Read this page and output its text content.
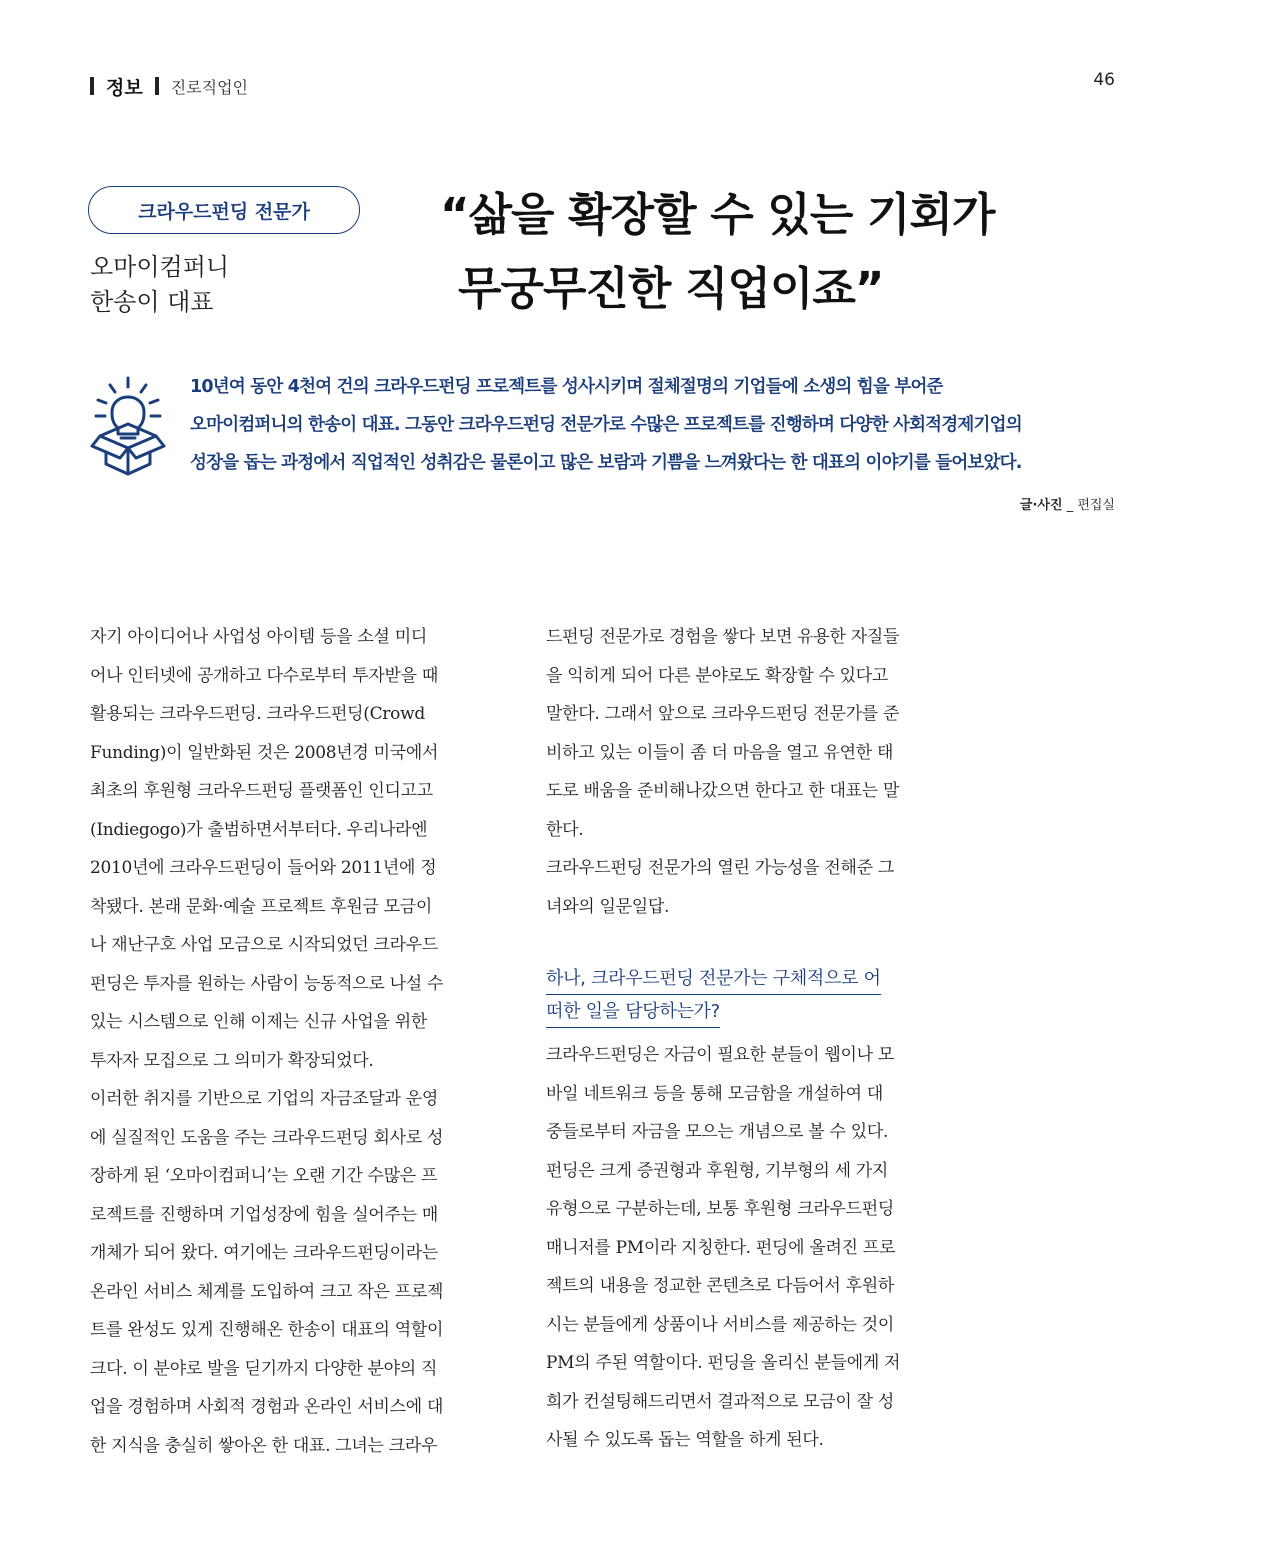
정보 진로직업인	46
크라우드펀딩 전문가
오마이컴퍼니
한송이 대표
“삶을 확장할 수 있는 기회가
무궁무진한 직업이죠”
10년여 동안 4천여 건의 크라우드펀딩 프로젝트를 성사시키며 절체절명의 기업들에 소생의 힘을 부어준
오마이컴퍼니의 한송이 대표. 그동안 크라우드펀딩 전문가로 수많은 프로젝트를 진행하며 다양한 사회적경제기업의
성장을 돕는 과정에서 직업적인 성취감은 물론이고 많은 보람과 기쁨을 느껴왔다는 한 대표의 이야기를 들어보았다.
글·사진 _ 편집실
자기 아이디어나 사업성 아이템 등을 소셜 미디
어나 인터넷에 공개하고 다수로부터 투자받을 때
활용되는 크라우드펀딩. 크라우드펀딩(Crowd
Funding)이 일반화된 것은 2008년경 미국에서
최초의 후원형 크라우드펀딩 플랫폼인 인디고고
(Indiegogo)가 출범하면서부터다. 우리나라엔
2010년에 크라우드펀딩이 들어와 2011년에 정
착됐다. 본래 문화·예술 프로젝트 후원금 모금이
나 재난구호 사업 모금으로 시작되었던 크라우드
펀딩은 투자를 원하는 사람이 능동적으로 나설 수
있는 시스템으로 인해 이제는 신규 사업을 위한
투자자 모집으로 그 의미가 확장되었다.
이러한 취지를 기반으로 기업의 자금조달과 운영
에 실질적인 도움을 주는 크라우드펀딩 회사로 성
장하게 된 ‘오마이컴퍼니’는 오랜 기간 수많은 프
로젝트를 진행하며 기업성장에 힘을 실어주는 매
개체가 되어 왔다. 여기에는 크라우드펀딩이라는
온라인 서비스 체계를 도입하여 크고 작은 프로젝
트를 완성도 있게 진행해온 한송이 대표의 역할이
크다. 이 분야로 발을 딛기까지 다양한 분야의 직
업을 경험하며 사회적 경험과 온라인 서비스에 대
한 지식을 충실히 쌓아온 한 대표. 그녀는 크라우
드펀딩 전문가로 경험을 쌓다 보면 유용한 자질들
을 익히게 되어 다른 분야로도 확장할 수 있다고
말한다. 그래서 앞으로 크라우드펀딩 전문가를 준
비하고 있는 이들이 좀 더 마음을 열고 유연한 태
도로 배움을 준비해나갔으면 한다고 한 대표는 말
한다.
크라우드펀딩 전문가의 열린 가능성을 전해준 그
녀와의 일문일답.

하나, 크라우드펀딩 전문가는 구체적으로 어
떠한 일을 담당하는가?

크라우드펀딩은 자금이 필요한 분들이 웹이나 모
바일 네트워크 등을 통해 모금함을 개설하여 대
중들로부터 자금을 모으는 개념으로 볼 수 있다.
펀딩은 크게 증권형과 후원형, 기부형의 세 가지
유형으로 구분하는데, 보통 후원형 크라우드펀딩
매니저를 PM이라 지칭한다. 펀딩에 올려진 프로
젝트의 내용을 정교한 콘텐츠로 다듬어서 후원하
시는 분들에게 상품이나 서비스를 제공하는 것이
PM의 주된 역할이다. 펀딩을 올리신 분들에게 저
희가 컨설팅해드리면서 결과적으로 모금이 잘 성
사될 수 있도록 돕는 역할을 하게 된다.
